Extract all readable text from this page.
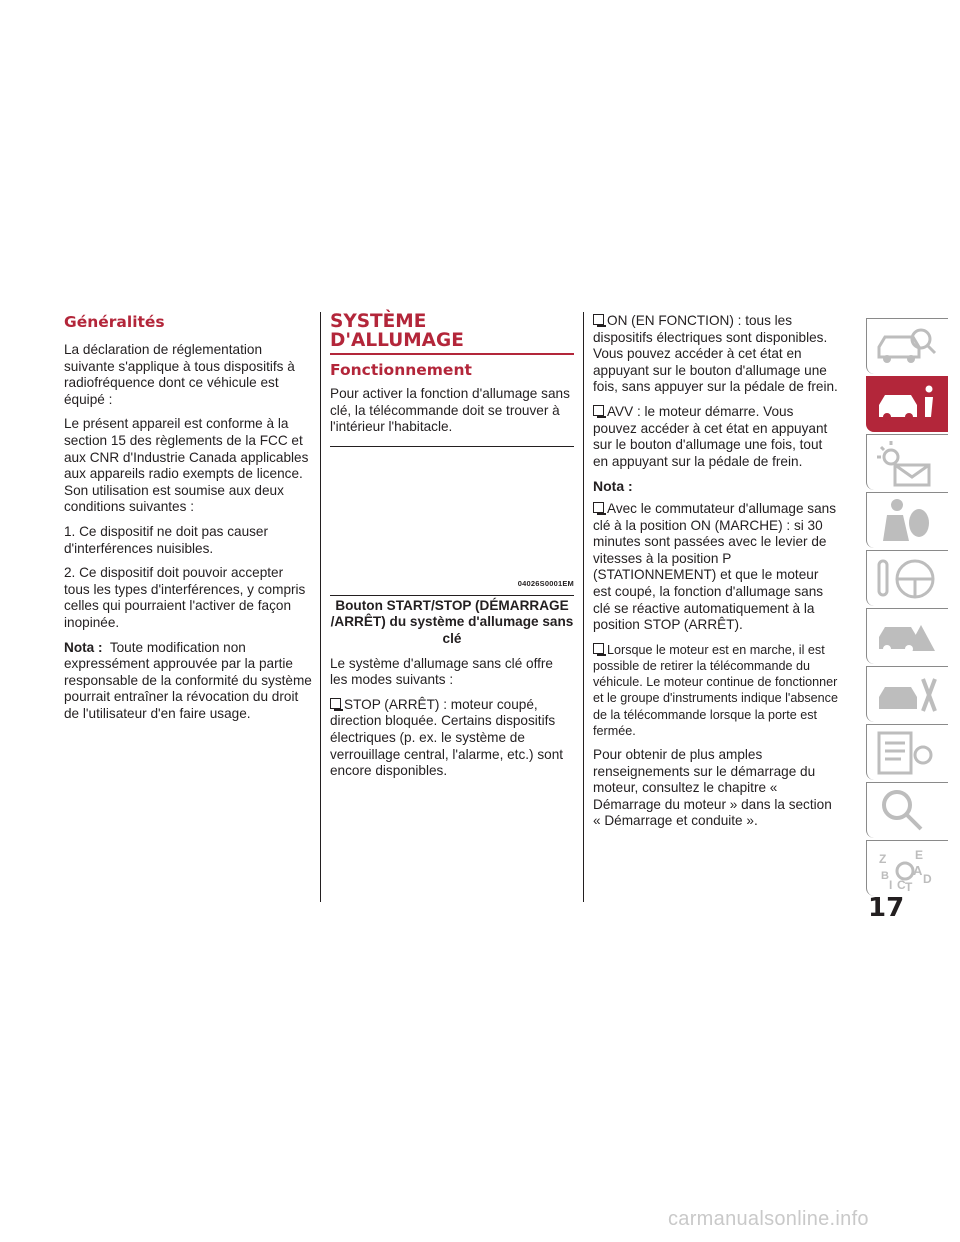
Généralités

La déclaration de réglementation suivante s'applique à tous dispositifs à radiofréquence dont ce véhicule est équipé :

Le présent appareil est conforme à la section 15 des règlements de la FCC et aux CNR d'Industrie Canada applicables aux appareils radio exempts de licence. Son utilisation est soumise aux deux conditions suivantes :

1. Ce dispositif ne doit pas causer d'interférences nuisibles.

2. Ce dispositif doit pouvoir accepter tous les types d'interférences, y compris celles qui pourraient l'activer de façon inopinée.

Nota : Toute modification non expressément approuvée par la partie responsable de la conformité du système pourrait entraîner la révocation du droit de l'utilisateur d'en faire usage.

SYSTÈME
D'ALLUMAGE
Fonctionnement

Pour activer la fonction d'allumage sans clé, la télécommande doit se trouver à l'intérieur l'habitacle.

04026S0001EM
Bouton START/STOP (DÉMARRAGE /ARRÊT) du système d'allumage sans clé

Le système d'allumage sans clé offre les modes suivants :

STOP (ARRÊT) : moteur coupé, direction bloquée. Certains dispositifs électriques (p. ex. le système de verrouillage central, l'alarme, etc.) sont encore disponibles.

ON (EN FONCTION) : tous les dispositifs électriques sont disponibles. Vous pouvez accéder à cet état en appuyant sur le bouton d'allumage une fois, sans appuyer sur la pédale de frein.

AVV : le moteur démarre. Vous pouvez accéder à cet état en appuyant sur le bouton d'allumage une fois, tout en appuyant sur la pédale de frein.

Nota :

Avec le commutateur d'allumage sans clé à la position ON (MARCHE) : si 30 minutes sont passées avec le levier de vitesses à la position P (STATIONNEMENT) et que le moteur est coupé, la fonction d'allumage sans clé se réactive automatiquement à la position STOP (ARRÊT).

Lorsque le moteur est en marche, il est possible de retirer la télécommande du véhicule. Le moteur continue de fonctionner et le groupe d'instruments indique l'absence de la télécommande lorsque la porte est fermée.

Pour obtenir de plus amples renseignements sur le démarrage du moteur, consultez le chapitre « Démarrage du moteur » dans la section « Démarrage et conduite ».

Z E
B
I C
A
D
T
17
carmanualsonline.info
